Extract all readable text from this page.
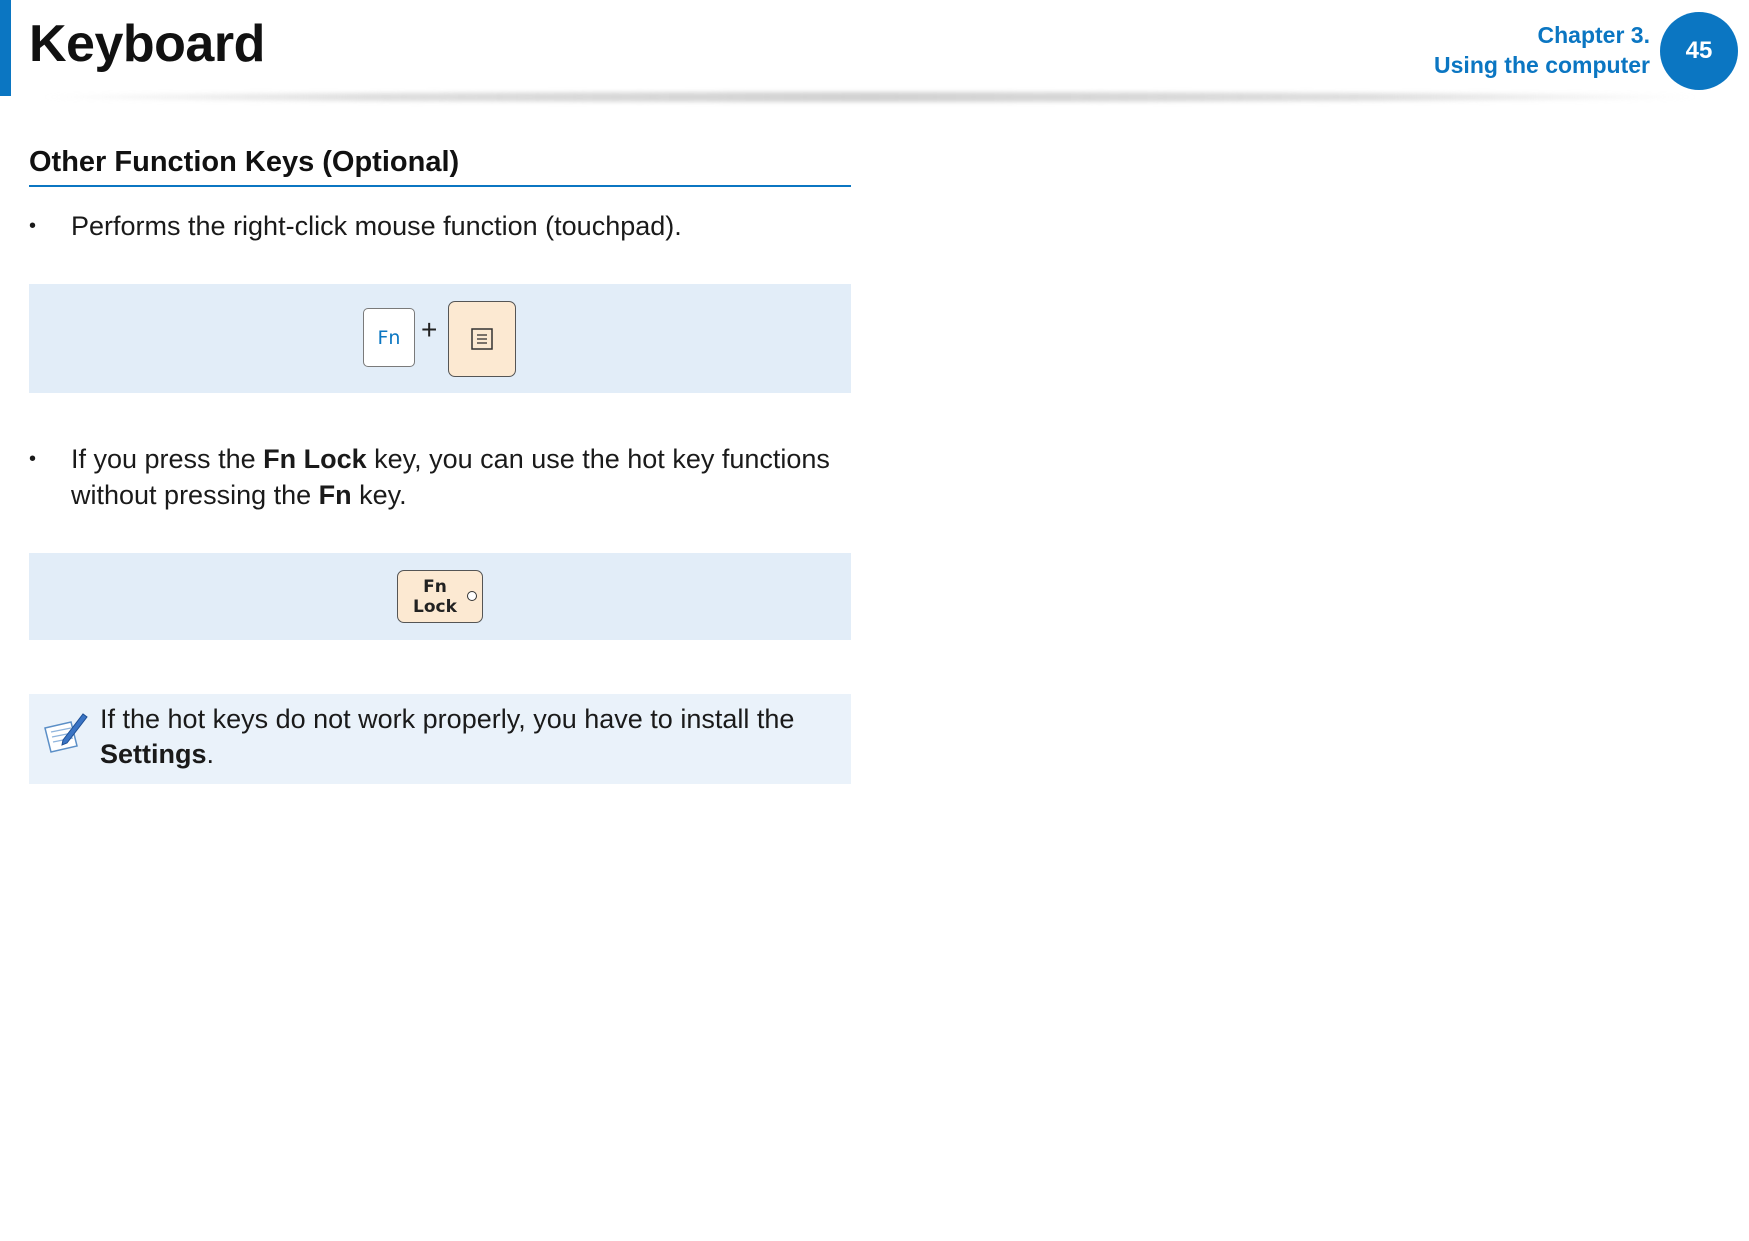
Keyboard	Chapter 3.
Using the computer
45
Other Function Keys (Optional)
• Performs the right-click mouse function (touchpad).
Fn +
• If you press the Fn Lock key, you can use the hot key functions without pressing the Fn key.
Fn
Lock
If the hot keys do not work properly, you have to install the Settings.
